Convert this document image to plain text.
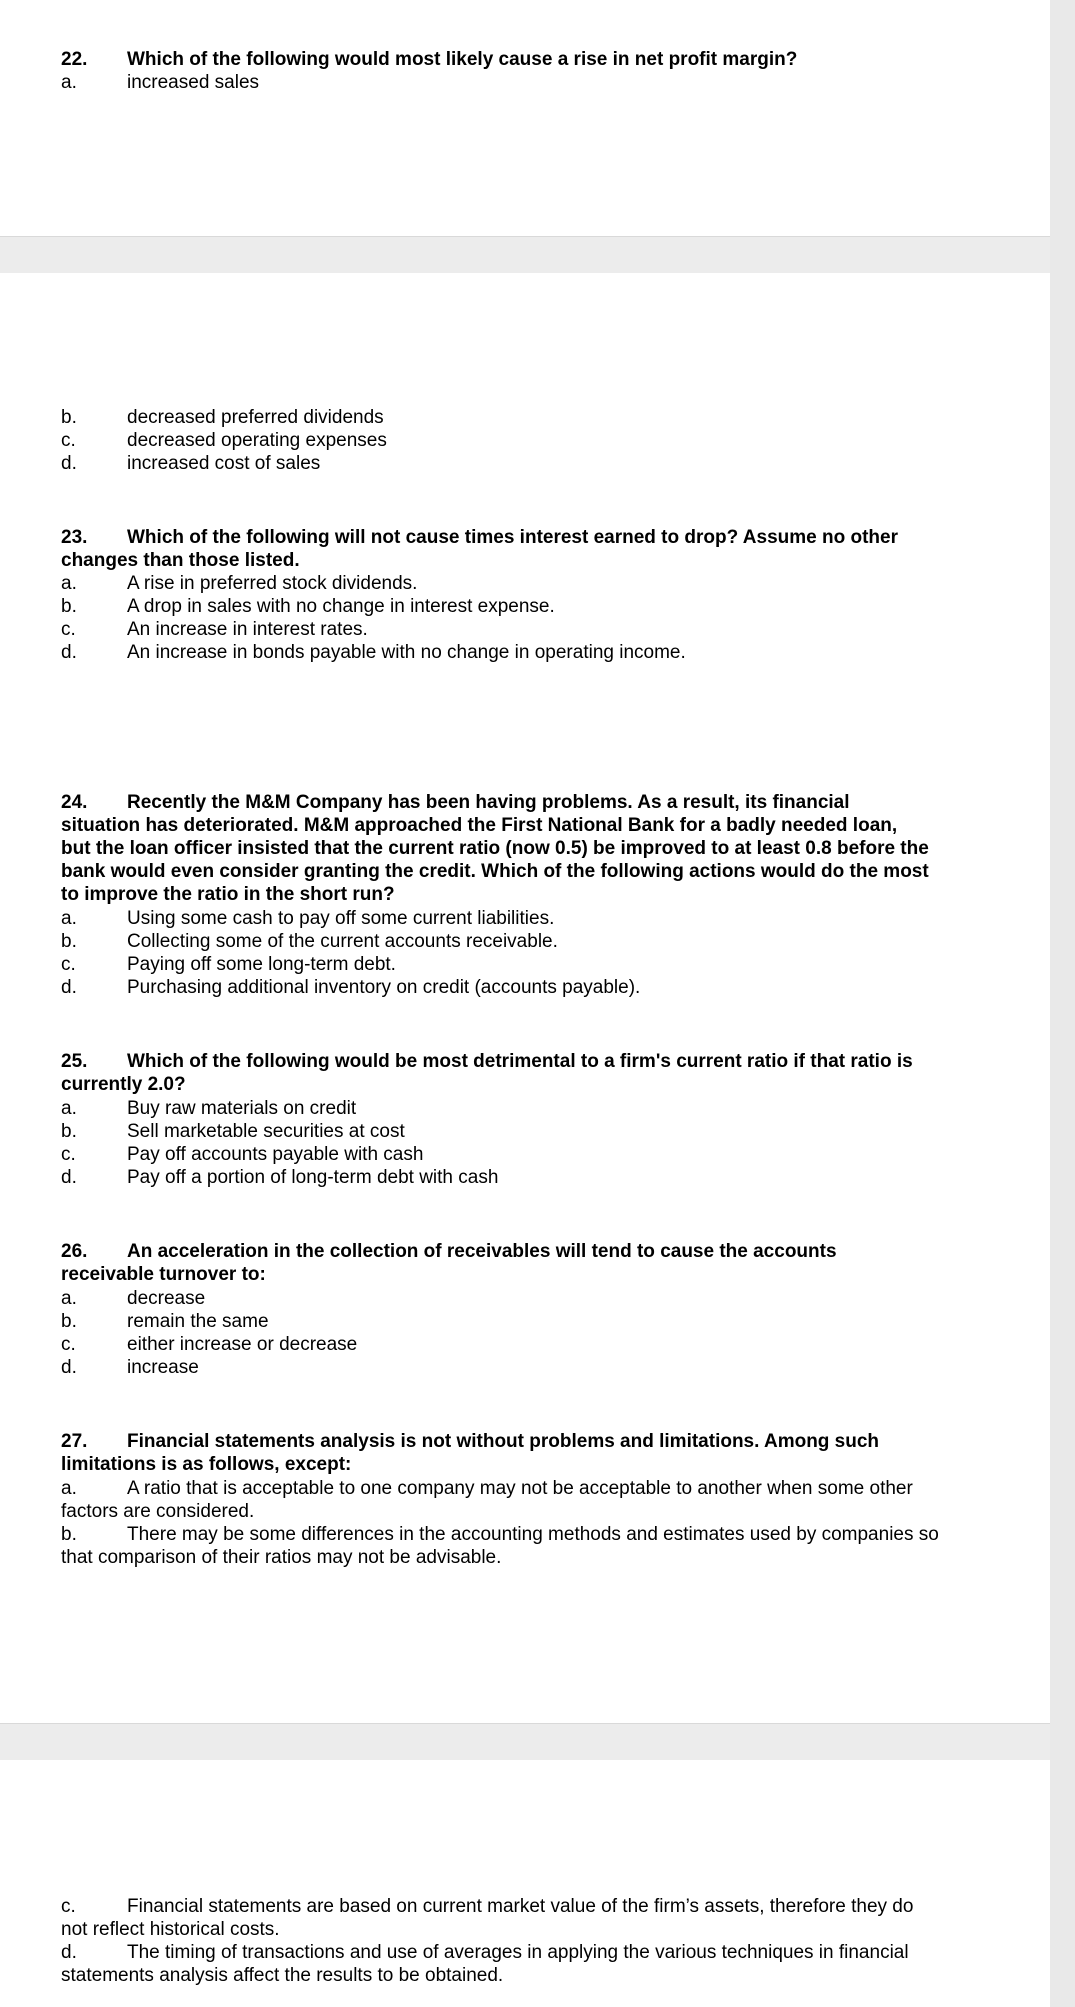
22. Which of the following would most likely cause a rise in net profit margin?
a.	increased sales
b.	decreased preferred dividends
c.	decreased operating expenses
d.	increased cost of sales
23. Which of the following will not cause times interest earned to drop? Assume no other changes than those listed.
a.	A rise in preferred stock dividends.
b.	A drop in sales with no change in interest expense.
c.	An increase in interest rates.
d.	An increase in bonds payable with no change in operating income.
24. Recently the M&M Company has been having problems. As a result, its financial situation has deteriorated. M&M approached the First National Bank for a badly needed loan, but the loan officer insisted that the current ratio (now 0.5) be improved to at least 0.8 before the bank would even consider granting the credit. Which of the following actions would do the most to improve the ratio in the short run?
a.	Using some cash to pay off some current liabilities.
b.	Collecting some of the current accounts receivable.
c.	Paying off some long-term debt.
d.	Purchasing additional inventory on credit (accounts payable).
25. Which of the following would be most detrimental to a firm's current ratio if that ratio is currently 2.0?
a.	Buy raw materials on credit
b.	Sell marketable securities at cost
c.	Pay off accounts payable with cash
d.	Pay off a portion of long-term debt with cash
26. An acceleration in the collection of receivables will tend to cause the accounts receivable turnover to:
a.	decrease
b.	remain the same
c.	either increase or decrease
d.	increase
27. Financial statements analysis is not without problems and limitations. Among such limitations is as follows, except:
a.	A ratio that is acceptable to one company may not be acceptable to another when some other factors are considered.
b.	There may be some differences in the accounting methods and estimates used by companies so that comparison of their ratios may not be advisable.
c.	Financial statements are based on current market value of the firm’s assets, therefore they do not reflect historical costs.
d.	The timing of transactions and use of averages in applying the various techniques in financial statements analysis affect the results to be obtained.
